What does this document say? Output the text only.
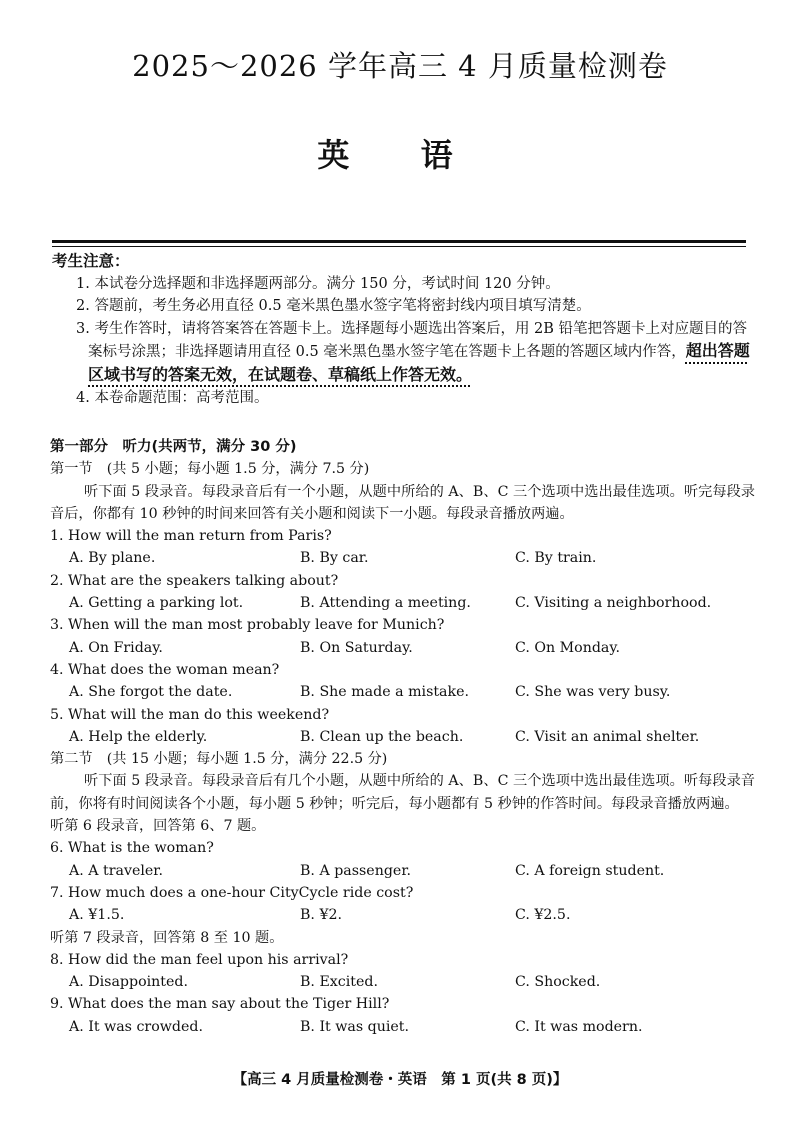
2025～2026 学年高三 4 月质量检测卷
英 语
考生注意：

1. 本试卷分选择题和非选择题两部分。满分 150 分，考试时间 120 分钟。

2. 答题前，考生务必用直径 0.5 毫米黑色墨水签字笔将密封线内项目填写清楚。

3. 考生作答时，请将答案答在答题卡上。选择题每小题选出答案后，用 2B 铅笔把答题卡上对应题目的答案标号涂黑；非选择题请用直径 0.5 毫米黑色墨水签字笔在答题卡上各题的答题区域内作答，超出答题区域书写的答案无效，在试题卷、草稿纸上作答无效。

4. 本卷命题范围：高考范围。

第一部分　听力(共两节，满分 30 分)
第一节　(共 5 小题；每小题 1.5 分，满分 7.5 分)

听下面 5 段录音。每段录音后有一个小题，从题中所给的 A、B、C 三个选项中选出最佳选项。听完每段录音后，你都有 10 秒钟的时间来回答有关小题和阅读下一小题。每段录音播放两遍。

1. How will the man return from Paris?
A. By plane.	B. By car.	C. By train.
2. What are the speakers talking about?
A. Getting a parking lot.	B. Attending a meeting.	C. Visiting a neighborhood.
3. When will the man most probably leave for Munich?
A. On Friday.	B. On Saturday.	C. On Monday.
4. What does the woman mean?
A. She forgot the date.	B. She made a mistake.	C. She was very busy.
5. What will the man do this weekend?
A. Help the elderly.	B. Clean up the beach.	C. Visit an animal shelter.
第二节　(共 15 小题；每小题 1.5 分，满分 22.5 分)

听下面 5 段录音。每段录音后有几个小题，从题中所给的 A、B、C 三个选项中选出最佳选项。听每段录音前，你将有时间阅读各个小题，每小题 5 秒钟；听完后，每小题都有 5 秒钟的作答时间。每段录音播放两遍。

听第 6 段录音，回答第 6、7 题。
6. What is the woman?
A. A traveler.	B. A passenger.	C. A foreign student.
7. How much does a one-hour CityCycle ride cost?
A. ¥1.5.	B. ¥2.	C. ¥2.5.
听第 7 段录音，回答第 8 至 10 题。
8. How did the man feel upon his arrival?
A. Disappointed.	B. Excited.	C. Shocked.
9. What does the man say about the Tiger Hill?
A. It was crowded.	B. It was quiet.	C. It was modern.
【高三 4 月质量检测卷・英语　第 1 页(共 8 页)】
